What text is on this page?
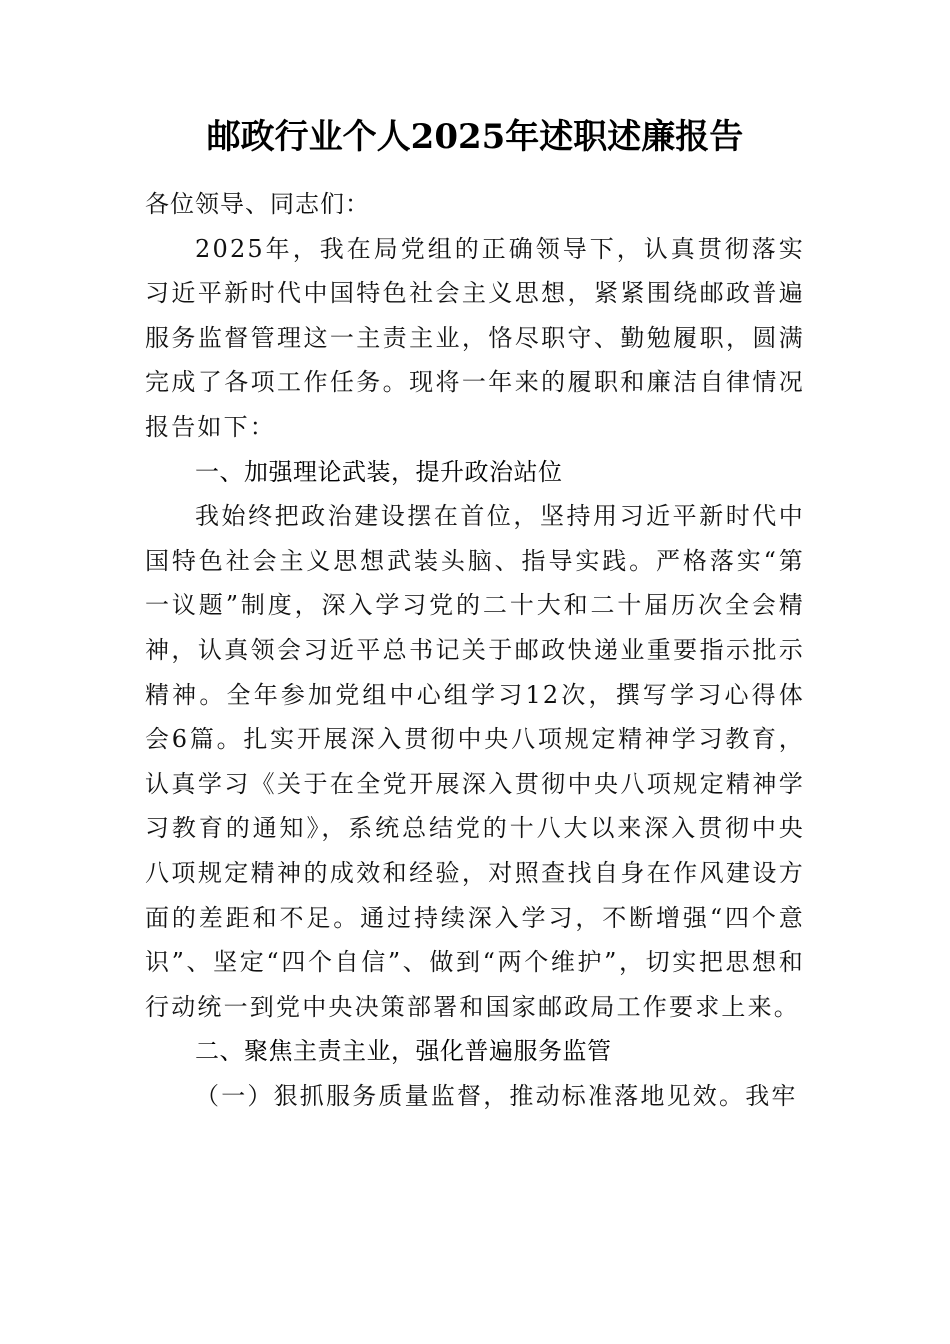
邮政行业个人2025年述职述廉报告

各位领导、同志们：

2025年，我在局党组的正确领导下，认真贯彻落实习近平新时代中国特色社会主义思想，紧紧围绕邮政普遍服务监督管理这一主责主业，恪尽职守、勤勉履职，圆满完成了各项工作任务。现将一年来的履职和廉洁自律情况报告如下：

一、加强理论武装，提升政治站位

我始终把政治建设摆在首位，坚持用习近平新时代中国特色社会主义思想武装头脑、指导实践。严格落实“第一议题”制度，深入学习党的二十大和二十届历次全会精神，认真领会习近平总书记关于邮政快递业重要指示批示精神。全年参加党组中心组学习12次，撰写学习心得体会6篇。扎实开展深入贯彻中央八项规定精神学习教育，认真学习《关于在全党开展深入贯彻中央八项规定精神学习教育的通知》，系统总结党的十八大以来深入贯彻中央八项规定精神的成效和经验，对照查找自身在作风建设方面的差距和不足。通过持续深入学习，不断增强“四个意识”、坚定“四个自信”、做到“两个维护”，切实把思想和行动统一到党中央决策部署和国家邮政局工作要求上来。

二、聚焦主责主业，强化普遍服务监管

（一）狠抓服务质量监督，推动标准落地见效。我牢
